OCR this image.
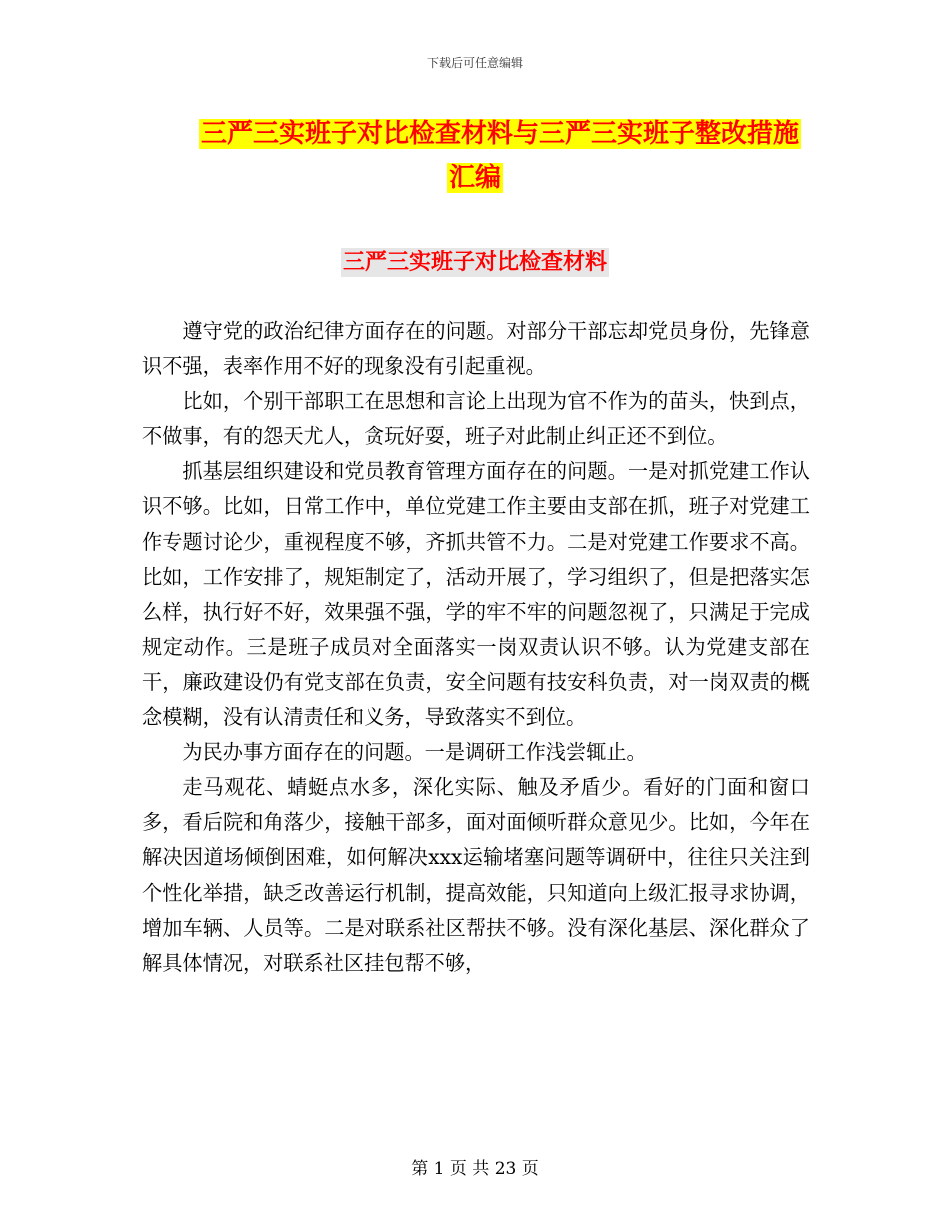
下载后可任意编辑
三严三实班子对比检查材料与三严三实班子整改措施
汇编
三严三实班子对比检查材料

遵守党的政治纪律方面存在的问题。对部分干部忘却党员身份，先锋意识不强，表率作用不好的现象没有引起重视。

比如，个别干部职工在思想和言论上出现为官不作为的苗头，快到点，不做事，有的怨天尤人，贪玩好耍，班子对此制止纠正还不到位。

抓基层组织建设和党员教育管理方面存在的问题。一是对抓党建工作认识不够。比如，日常工作中，单位党建工作主要由支部在抓，班子对党建工作专题讨论少，重视程度不够，齐抓共管不力。二是对党建工作要求不高。比如，工作安排了，规矩制定了，活动开展了，学习组织了，但是把落实怎么样，执行好不好，效果强不强，学的牢不牢的问题忽视了，只满足于完成规定动作。三是班子成员对全面落实一岗双责认识不够。认为党建支部在干，廉政建设仍有党支部在负责，安全问题有技安科负责，对一岗双责的概念模糊，没有认清责任和义务，导致落实不到位。

为民办事方面存在的问题。一是调研工作浅尝辄止。

走马观花、蜻蜓点水多，深化实际、触及矛盾少。看好的门面和窗口多，看后院和角落少，接触干部多，面对面倾听群众意见少。比如，今年在解决因道场倾倒困难，如何解决xxx运输堵塞问题等调研中，往往只关注到个性化举措，缺乏改善运行机制，提高效能，只知道向上级汇报寻求协调，增加车辆、人员等。二是对联系社区帮扶不够。没有深化基层、深化群众了解具体情况，对联系社区挂包帮不够，

第 1 页 共 23 页
